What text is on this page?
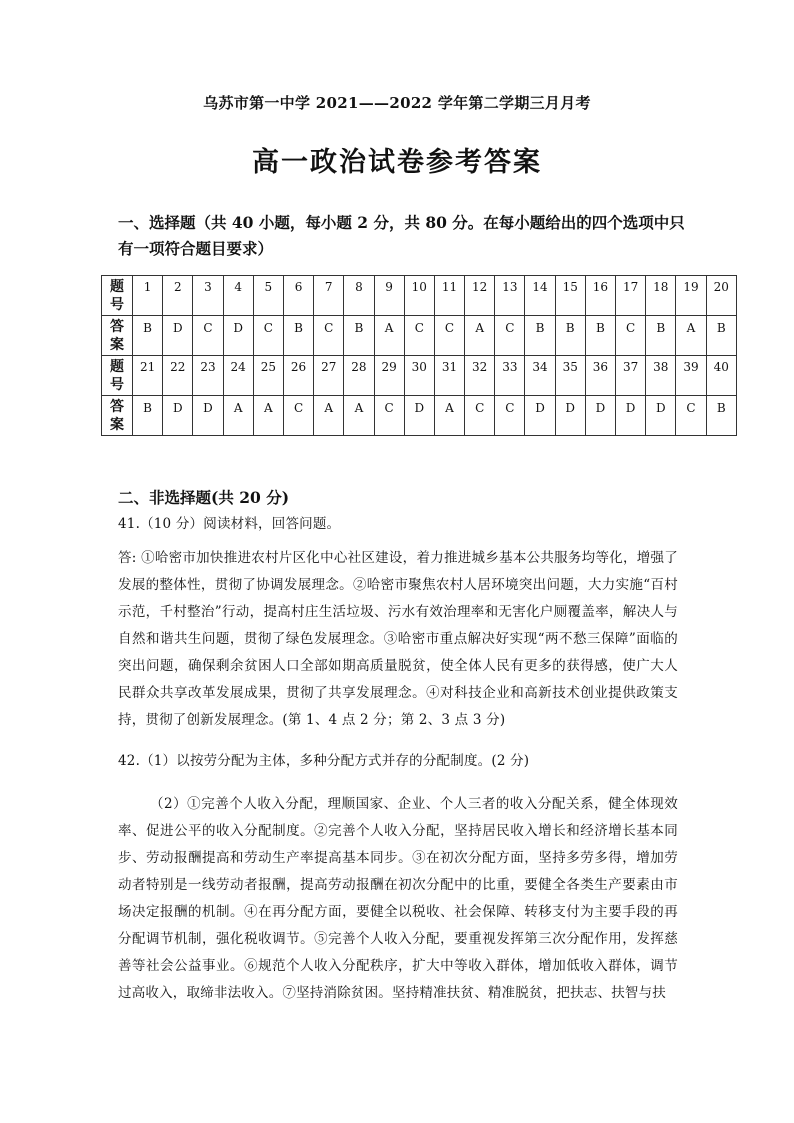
乌苏市第一中学 2021——2022 学年第二学期三月月考
高一政治试卷参考答案
一、选择题（共 40 小题，每小题 2 分，共 80 分。在每小题给出的四个选项中只有一项符合题目要求）
题
号	1	2	3	4	5	6	7	8	9	10	11	12	13	14	15	16	17	18	19	20
答
案	B	D	C	D	C	B	C	B	A	C	C	A	C	B	B	B	C	B	A	B
题
号	21	22	23	24	25	26	27	28	29	30	31	32	33	34	35	36	37	38	39	40
答
案	B	D	D	A	A	C	A	A	C	D	A	C	C	D	D	D	D	D	C	B
二、非选择题(共 20 分)
41.（10 分）阅读材料，回答问题。
答: ①哈密市加快推进农村片区化中心社区建设，着力推进城乡基本公共服务均等化，增强了发展的整体性，贯彻了协调发展理念。②哈密市聚焦农村人居环境突出问题，大力实施“百村示范，千村整治”行动，提高村庄生活垃圾、污水有效治理率和无害化户厕覆盖率，解决人与自然和谐共生问题，贯彻了绿色发展理念。③哈密市重点解决好实现“两不愁三保障”面临的突出问题，确保剩余贫困人口全部如期高质量脱贫，使全体人民有更多的获得感，使广大人民群众共享改革发展成果，贯彻了共享发展理念。④对科技企业和高新技术创业提供政策支持，贯彻了创新发展理念。(第 1、4 点 2 分；第 2、3 点 3 分)
42.（1）以按劳分配为主体，多种分配方式并存的分配制度。(2 分)
（2）①完善个人收入分配，理顺国家、企业、个人三者的收入分配关系，健全体现效率、促进公平的收入分配制度。②完善个人收入分配，坚持居民收入增长和经济增长基本同步、劳动报酬提高和劳动生产率提高基本同步。③在初次分配方面，坚持多劳多得，增加劳动者特别是一线劳动者报酬，提高劳动报酬在初次分配中的比重，要健全各类生产要素由市场决定报酬的机制。④在再分配方面，要健全以税收、社会保障、转移支付为主要手段的再分配调节机制，强化税收调节。⑤完善个人收入分配，要重视发挥第三次分配作用，发挥慈善等社会公益事业。⑥规范个人收入分配秩序，扩大中等收入群体，增加低收入群体，调节过高收入，取缔非法收入。⑦坚持消除贫困。坚持精准扶贫、精准脱贫，把扶志、扶智与扶
